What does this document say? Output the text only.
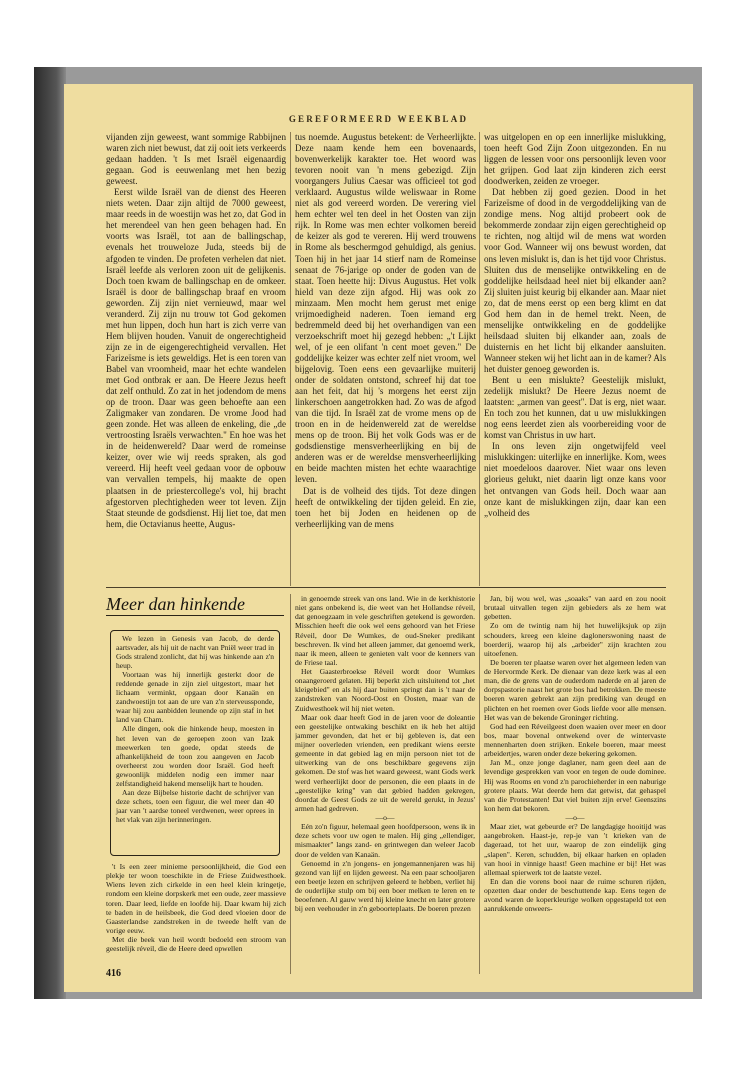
GEREFORMEERD WEEKBLAD

vijanden zijn geweest, want sommige Rabbijnen waren zich niet bewust, dat zij ooit iets verkeerds gedaan hadden. 't Is met Israël eigenaardig gegaan. God is eeuwenlang met hen bezig geweest.

Eerst wilde Israël van de dienst des Heeren niets weten. Daar zijn altijd de 7000 geweest, maar reeds in de woestijn was het zo, dat God in het merendeel van hen geen behagen had. En voorts was Israël, tot aan de ballingschap, evenals het trouweloze Juda, steeds bij de afgoden te vinden. De profeten verhelen dat niet. Israël leefde als verloren zoon uit de gelijkenis. Doch toen kwam de ballingschap en de omkeer. Israël is door de ballingschap braaf en vroom geworden. Zij zijn niet vernieuwd, maar wel veranderd. Zij zijn nu trouw tot God gekomen met hun lippen, doch hun hart is zich verre van Hem blijven houden. Vanuit de ongerechtigheid zijn ze in de eigengerechtigheid vervallen. Het Farizeïsme is iets geweldigs. Het is een toren van Babel van vroomheid, maar het echte wandelen met God ontbrak er aan. De Heere Jezus heeft dat zelf onthuld. Zo zat in het jodendom de mens op de troon. Daar was geen behoefte aan een Zaligmaker van zondaren. De vrome Jood had geen zonde. Het was alleen de enkeling, die „de vertroosting Israëls verwachten." En hoe was het in de heidenwereld? Daar werd de romeinse keizer, over wie wij reeds spraken, als god vereerd. Hij heeft veel gedaan voor de opbouw van vervallen tempels, hij maakte de open plaatsen in de priestercollege's vol, hij bracht afgestorven plechtigheden weer tot leven. Zijn Staat steunde de godsdienst. Hij liet toe, dat men hem, die Octavianus heette, Augus-

tus noemde. Augustus betekent: de Verheerlijkte. Deze naam kende hem een bovenaards, bovenwerkelijk karakter toe. Het woord was tevoren nooit van 'n mens gebezigd. Zijn voorgangers Julius Caesar was officieel tot god verklaard. Augustus wilde weliswaar in Rome niet als god vereerd worden. De verering viel hem echter wel ten deel in het Oosten van zijn rijk. In Rome was men echter volkomen bereid de keizer als god te vereren. Hij werd trouwens in Rome als beschermgod gehuldigd, als genius. Toen hij in het jaar 14 stierf nam de Romeinse senaat de 76-jarige op onder de goden van de staat. Toen heette hij: Divus Augustus. Het volk hield van deze zijn afgod. Hij was ook zo minzaam. Men mocht hem gerust met enige vrijmoedigheid naderen. Toen iemand erg bedremmeld deed bij het overhandigen van een verzoekschrift moet hij gezegd hebben: „'t Lijkt wel, of je een olifant 'n cent moet geven." De goddelijke keizer was echter zelf niet vroom, wel bijgelovig. Toen eens een gevaarlijke muiterij onder de soldaten ontstond, schreef hij dat toe aan het feit, dat hij 's morgens het eerst zijn linkerschoen aangetrokken had. Zo was de afgod van die tijd. In Israël zat de vrome mens op de troon en in de heidenwereld zat de wereldse mens op de troon. Bij het volk Gods was er de godsdienstige mensverheerlijking en bij de anderen was er de wereldse mensverheerlijking en beide machten misten het echte waarachtige leven.

Dat is de volheid des tijds. Tot deze dingen heeft de ontwikkeling der tijden geleid. En zie, toen het bij Joden en heidenen op de verheerlijking van de mens

was uitgelopen en op een innerlijke mislukking, toen heeft God Zijn Zoon uitgezonden. En nu liggen de lessen voor ons persoonlijk leven voor het grijpen. God laat zijn kinderen zich eerst doodwerken, zeiden ze vroeger.

Dat hebben zij goed gezien. Dood in het Farizeïsme of dood in de vergoddelijking van de zondige mens. Nog altijd probeert ook de bekommerde zondaar zijn eigen gerechtigheid op te richten, nog altijd wil de mens wat worden voor God. Wanneer wij ons bewust worden, dat ons leven mislukt is, dan is het tijd voor Christus. Sluiten dus de menselijke ontwikkeling en de goddelijke heilsdaad heel niet bij elkander aan? Zij sluiten juist keurig bij elkander aan. Maar niet zo, dat de mens eerst op een berg klimt en dat God hem dan in de hemel trekt. Neen, de menselijke ontwikkeling en de goddelijke heilsdaad sluiten bij elkander aan, zoals de duisternis en het licht bij elkander aansluiten. Wanneer steken wij het licht aan in de kamer? Als het duister genoeg geworden is.

Bent u een mislukte? Geestelijk mislukt, zedelijk mislukt? De Heere Jezus noemt de laatsten: „armen van geest". Dat is erg, niet waar. En toch zou het kunnen, dat u uw mislukkingen nog eens leerdet zien als voorbereiding voor de komst van Christus in uw hart.

In ons leven zijn ongetwijfeld veel mislukkingen: uiterlijke en innerlijke. Kom, wees niet moedeloos daarover. Niet waar ons leven glorieus gelukt, niet daarin ligt onze kans voor het ontvangen van Gods heil. Doch waar aan onze kant de mislukkingen zijn, daar kan een „volheid des

Meer dan hinkende

We lezen in Genesis van Jacob, de derde aartsvader, als hij uit de nacht van Pniël weer trad in Gods stralend zonlicht, dat hij was hinkende aan z'n heup.

Voortaan was hij innerlijk gesterkt door de reddende genade in zijn ziel uitgestort, maar het lichaam verminkt, opgaan door Kanaän en zandwoestijn tot aan de ure van z'n sterveussponde, waar hij zou aanbidden leunende op zijn staf in het land van Cham.

Alle dingen, ook die hinkende heup, moesten in het leven van de geroepen zoon van Izak meewerken ten goede, opdat steeds de afhankelijkheid de toon zou aangeven en Jacob overheerst zou worden door Israël. God heeft gewoonlijk middelen nodig een immer naar zelfstandigheid hakend menselijk hart te houden.

Aan deze Bijbelse historie dacht de schrijver van deze schets, toen een figuur, die wel meer dan 40 jaar van 't aardse toneel verdwenen, weer oprees in het vlak van zijn herinneringen.

't Is een zeer minieme persoonlijkheid, die God een plekje ter woon toeschikte in de Friese Zuidwesthoek. Wiens leven zich cirkelde in een heel klein kringetje, rondom een kleine dorpskerk met een oude, zeer massieve toren. Daar leed, liefde en loofde hij. Daar kwam hij zich te baden in de heilsbeek, die God deed vloeien door de Gaasterlandse zandstreken in de tweede helft van de vorige eeuw.

Met die beek van heil wordt bedoeld een stroom van geestelijk réveil, die de Heere deed opwellen

in genoemde streek van ons land. Wie in de kerkhistorie niet gans onbekend is, die weet van het Hollandse réveil, dat genoegzaam in vele geschriften getekend is geworden. Misschien heeft die ook wel eens gehoord van het Friese Réveil, door De Wumkes, de oud-Sneker predikant beschreven. Ik vind het alleen jammer, dat genoemd werk, naar ik meen, alleen te genieten valt voor de kenners van de Friese taal.

Het Gaasterbroekse Réveil wordt door Wumkes onaangeroerd gelaten. Hij beperkt zich uitsluitend tot „het kleigebied" en als hij daar buiten springt dan is 't naar de zandstreken van Noord-Oost en Oosten, maar van de Zuidwesthoek wil hij niet weten.

Maar ook daar heeft God in de jaren voor de doleantie een geestelijke ontwaking beschikt en ik heb het altijd jammer gevonden, dat het er bij gebleven is, dat een mijner ooverleden vrienden, een predikant wiens eerste gemeente in dat gebied lag en mijn persoon niet tot de uitwerking van de ons beschikbare gegevens zijn gekomen. De stof was het waard geweest, want Gods werk werd verheerlijkt door de personen, die een plaats in de „geestelijke kring" van dat gebied hadden gekregen, doordat de Geest Gods ze uit de wereld gerukt, in Jezus' armen had gedreven.

—o—

Eén zo'n figuur, helemaal geen hoofdpersoon, wens ik in deze schets voor uw ogen te malen. Hij ging „ellendiger, mismaakter" langs zand- en grintwegen dan weleer Jacob door de velden van Kanaän.

Genoemd in z'n jongens- en jongemannenjaren was hij gezond van lijf en lijden geweest. Na een paar schooljaren een beetje lezen en schrijven geleerd te hebben, verliet hij de ouderlijke stulp om bij een boer melken te leren en te beoefenen. Al gauw werd hij kleine knecht en later grotere bij een veehouder in z'n geboorteplaats. De boeren prezen

Jan, bij wou wel, was „soaaks" van aard en zou nooit brutaal uitvallen tegen zijn gebieders als ze hem wat gebetten.

Zo om de twintig nam hij het huwelijksjuk op zijn schouders, kreeg een kleine daglonerswoning naast de boerderij, waarop hij als „arbeider" zijn krachten zou uitoefenen.

De boeren ter plaatse waren over het algemeen leden van de Hervormde Kerk. De dienaar van deze kerk was al een man, die de grens van de ouderdom naderde en al jaren de dorpspastorie naast het grote bos had betrokken. De meeste boeren waren gebrekt aan zijn prediking van deugd en plichten en het roemen over Gods liefde voor alle mensen. Het was van de bekende Groninger richting.

God had een Réveilgeest doen waaien over meer en door bos, maar bovenal ontwekend over de wintervaste mennenharten doen strijken. Enkele boeren, maar meest arbeidertjes, waren onder deze bekering gekomen.

Jan M., onze jonge daglaner, nam geen deel aan de levendige gesprekken van voor en tegen de oude dominee. Hij was Rooms en vond z'n parochieherder in een naburige grotere plaats. Wat deerde hem dat getwist, dat gehaspel van die Protestanten! Dat viel buiten zijn erve! Geenszins kon hem dat bekoren.

—o—

Maar ziet, wat gebeurde er? De langdagige hooitijd was aangebroken. Haast-je, rep-je van 't krieken van de dageraad, tot het uur, waarop de zon eindelijk ging „slapen". Keren, schudden, bij elkaar harken en opladen van hooi in vinnige haast! Geen machine er bij! Het was allemaal spierwerk tot de laatste vezel.

En dan die vorens booi naar de ruime schuren rijden, opzetten daar onder de beschuttende kap. Eens tegen de avond waren de koperkleurige wolken opgestapeld tot een aanrukkende onweers-

416
